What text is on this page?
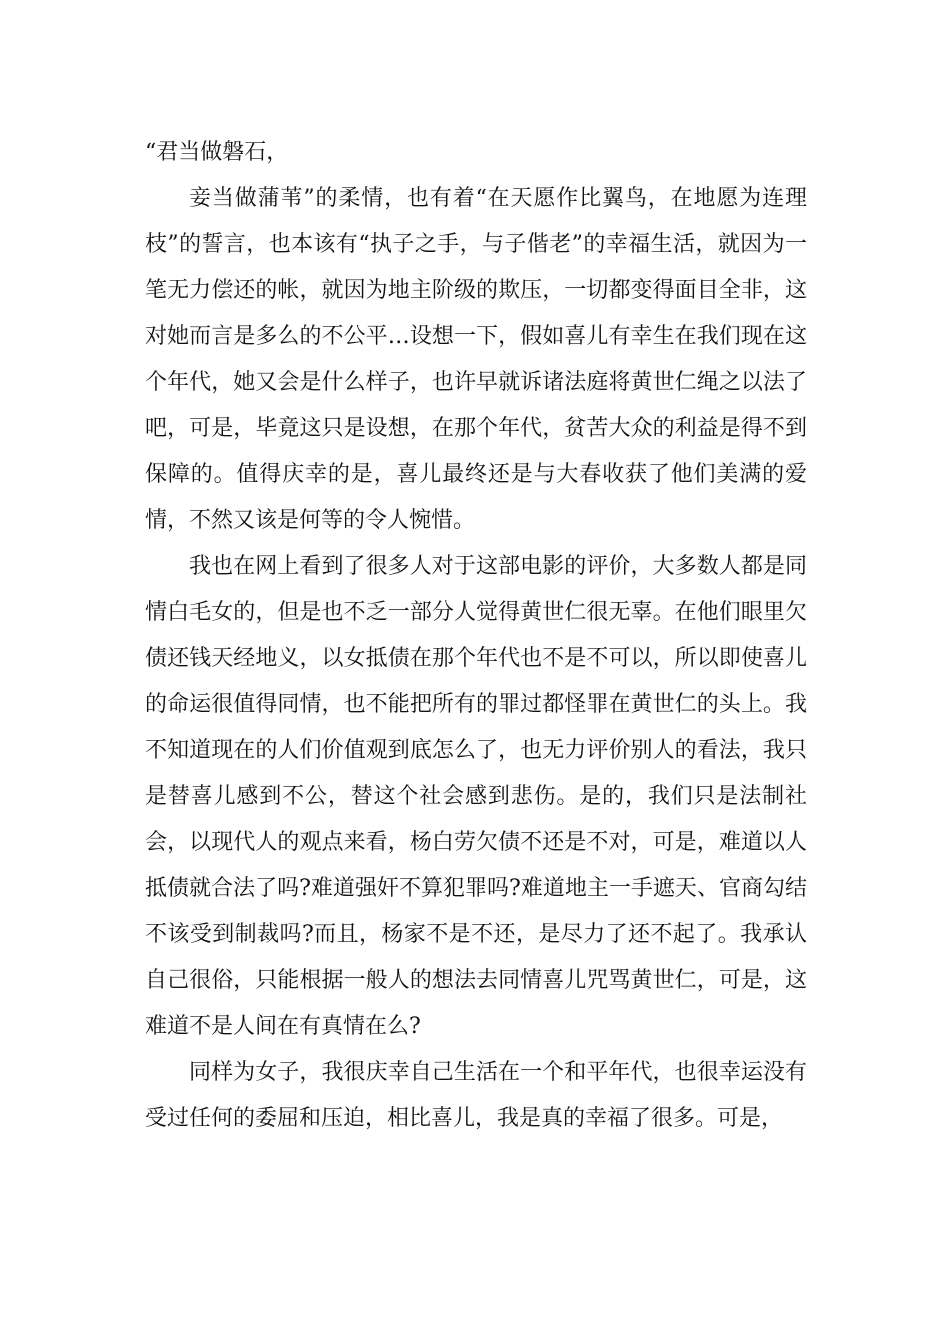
“君当做磐石，

妾当做蒲苇”的柔情，也有着“在天愿作比翼鸟，在地愿为连理枝”的誓言，也本该有“执子之手，与子偕老”的幸福生活，就因为一笔无力偿还的帐，就因为地主阶级的欺压，一切都变得面目全非，这对她而言是多么的不公平…设想一下，假如喜儿有幸生在我们现在这个年代，她又会是什么样子，也许早就诉诸法庭将黄世仁绳之以法了吧，可是，毕竟这只是设想，在那个年代，贫苦大众的利益是得不到保障的。值得庆幸的是，喜儿最终还是与大春收获了他们美满的爱情，不然又该是何等的令人惋惜。

我也在网上看到了很多人对于这部电影的评价，大多数人都是同情白毛女的，但是也不乏一部分人觉得黄世仁很无辜。在他们眼里欠债还钱天经地义，以女抵债在那个年代也不是不可以，所以即使喜儿的命运很值得同情，也不能把所有的罪过都怪罪在黄世仁的头上。我不知道现在的人们价值观到底怎么了，也无力评价别人的看法，我只是替喜儿感到不公，替这个社会感到悲伤。是的，我们只是法制社会，以现代人的观点来看，杨白劳欠债不还是不对，可是，难道以人抵债就合法了吗?难道强奸不算犯罪吗?难道地主一手遮天、官商勾结不该受到制裁吗?而且，杨家不是不还，是尽力了还不起了。我承认自己很俗，只能根据一般人的想法去同情喜儿咒骂黄世仁，可是，这难道不是人间在有真情在么?

同样为女子，我很庆幸自己生活在一个和平年代，也很幸运没有受过任何的委屈和压迫，相比喜儿，我是真的幸福了很多。可是，
